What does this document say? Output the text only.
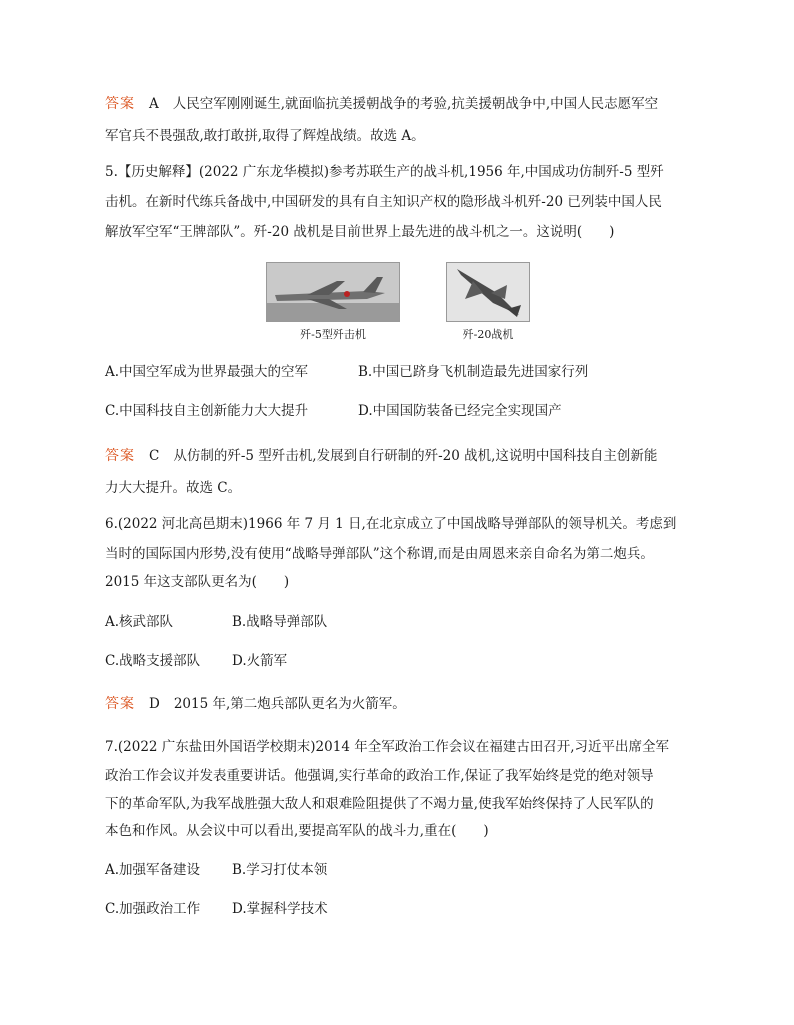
答案 A 人民空军刚刚诞生,就面临抗美援朝战争的考验,抗美援朝战争中,中国人民志愿军空
军官兵不畏强敌,敢打敢拼,取得了辉煌战绩。故选 A。
5.【历史解释】(2022 广东龙华模拟)参考苏联生产的战斗机,1956 年,中国成功仿制歼-5 型歼
击机。在新时代练兵备战中,中国研发的具有自主知识产权的隐形战斗机歼-20 已列装中国人民
解放军空军“王牌部队”。歼-20 战机是目前世界上最先进的战斗机之一。这说明(　　)
歼-5型歼击机	歼-20战机
A.中国空军成为世界最强大的空军	B.中国已跻身飞机制造最先进国家行列
C.中国科技自主创新能力大大提升	D.中国国防装备已经完全实现国产
答案 C 从仿制的歼-5 型歼击机,发展到自行研制的歼-20 战机,这说明中国科技自主创新能
力大大提升。故选 C。
6.(2022 河北高邑期末)1966 年 7 月 1 日,在北京成立了中国战略导弹部队的领导机关。考虑到
当时的国际国内形势,没有使用“战略导弹部队”这个称谓,而是由周恩来亲自命名为第二炮兵。
2015 年这支部队更名为(　　)
A.核武部队	B.战略导弹部队
C.战略支援部队 D.火箭军
答案 D 2015 年,第二炮兵部队更名为火箭军。
7.(2022 广东盐田外国语学校期末)2014 年全军政治工作会议在福建古田召开,习近平出席全军
政治工作会议并发表重要讲话。他强调,实行革命的政治工作,保证了我军始终是党的绝对领导
下的革命军队,为我军战胜强大敌人和艰难险阻提供了不竭力量,使我军始终保持了人民军队的
本色和作风。从会议中可以看出,要提高军队的战斗力,重在(　　)
A.加强军备建设 B.学习打仗本领
C.加强政治工作 D.掌握科学技术
